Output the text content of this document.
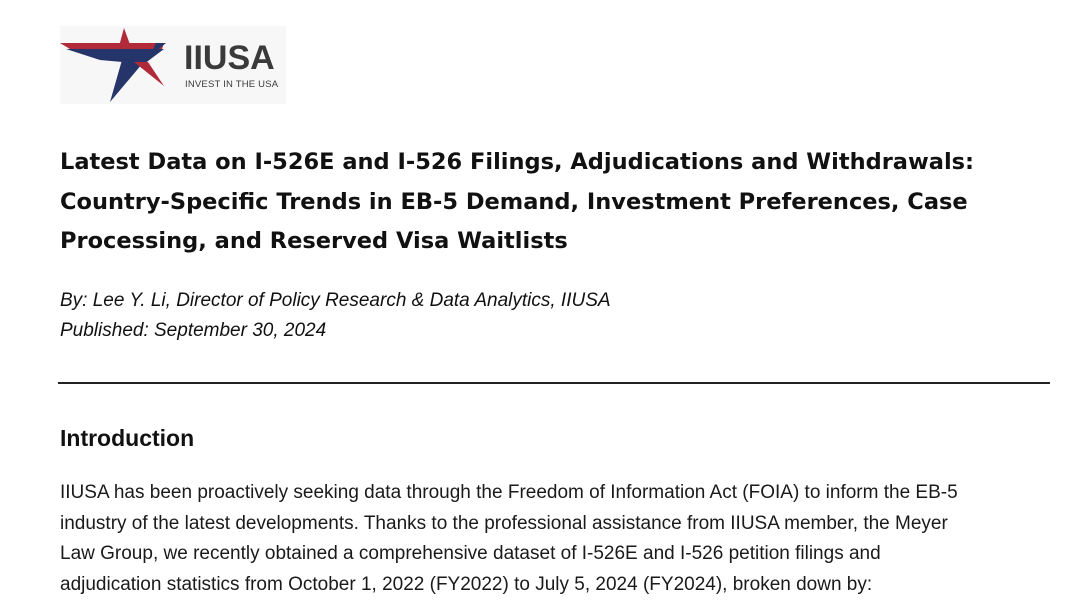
IIUSA
INVEST IN THE USA
Latest Data on I-526E and I-526 Filings, Adjudications and Withdrawals:
Country-Specific Trends in EB-5 Demand, Investment Preferences, Case
Processing, and Reserved Visa Waitlists
By: Lee Y. Li, Director of Policy Research & Data Analytics, IIUSA
Published: September 30, 2024
Introduction

IIUSA has been proactively seeking data through the Freedom of Information Act (FOIA) to inform the EB-5
industry of the latest developments. Thanks to the professional assistance from IIUSA member, the Meyer
Law Group, we recently obtained a comprehensive dataset of I-526E and I-526 petition filings and
adjudication statistics from October 1, 2022 (FY2022) to July 5, 2024 (FY2024), broken down by:
